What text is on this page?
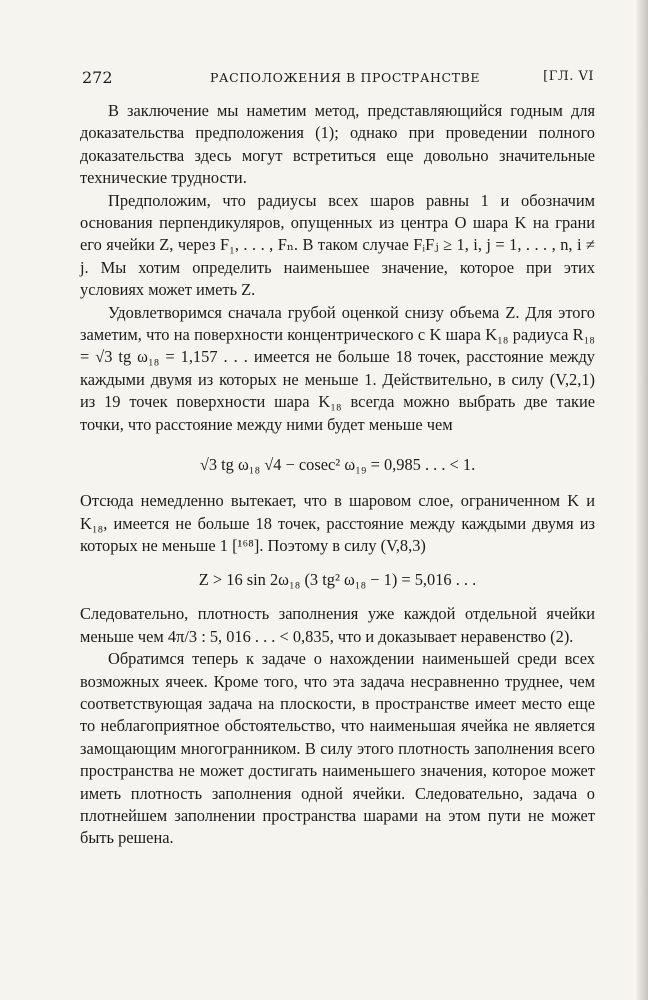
272	РАСПОЛОЖЕНИЯ В ПРОСТРАНСТВЕ	[ГЛ. VI

В заключение мы наметим метод, представляющийся годным для доказательства предположения (1); однако при проведении полного доказательства здесь могут встретиться еще довольно значительные технические трудности.

Предположим, что радиусы всех шаров равны 1 и обозначим основания перпендикуляров, опущенных из центра O шара K на грани его ячейки Z, через F₁, . . . , Fₙ. В таком случае FᵢFⱼ ≥ 1, i, j = 1, . . . , n, i ≠ j. Мы хотим определить наименьшее значение, которое при этих условиях может иметь Z.

Удовлетворимся сначала грубой оценкой снизу объема Z. Для этого заметим, что на поверхности концентрического с K шара K₁₈ радиуса R₁₈ = √3 tg ω₁₈ = 1,157 . . . имеется не больше 18 точек, расстояние между каждыми двумя из которых не меньше 1. Действительно, в силу (V,2,1) из 19 точек поверхности шара K₁₈ всегда можно выбрать две такие точки, что расстояние между ними будет меньше чем

√3 tg ω₁₈ √4 − cosec² ω₁₉ = 0,985 . . . < 1.

Отсюда немедленно вытекает, что в шаровом слое, ограниченном K и K₁₈, имеется не больше 18 точек, расстояние между каждыми двумя из которых не меньше 1 [¹⁶⁸]. Поэтому в силу (V,8,3)

Z > 16 sin 2ω₁₈ (3 tg² ω₁₈ − 1) = 5,016 . . .

Следовательно, плотность заполнения уже каждой отдельной ячейки меньше чем 4π/3 : 5, 016 . . . < 0,835, что и доказывает неравенство (2).

Обратимся теперь к задаче о нахождении наименьшей среди всех возможных ячеек. Кроме того, что эта задача несравненно труднее, чем соответствующая задача на плоскости, в пространстве имеет место еще то неблагоприятное обстоятельство, что наименьшая ячейка не является замощающим многогранником. В силу этого плотность заполнения всего пространства не может достигать наименьшего значения, которое может иметь плотность заполнения одной ячейки. Следовательно, задача о плотнейшем заполнении пространства шарами на этом пути не может быть решена.
